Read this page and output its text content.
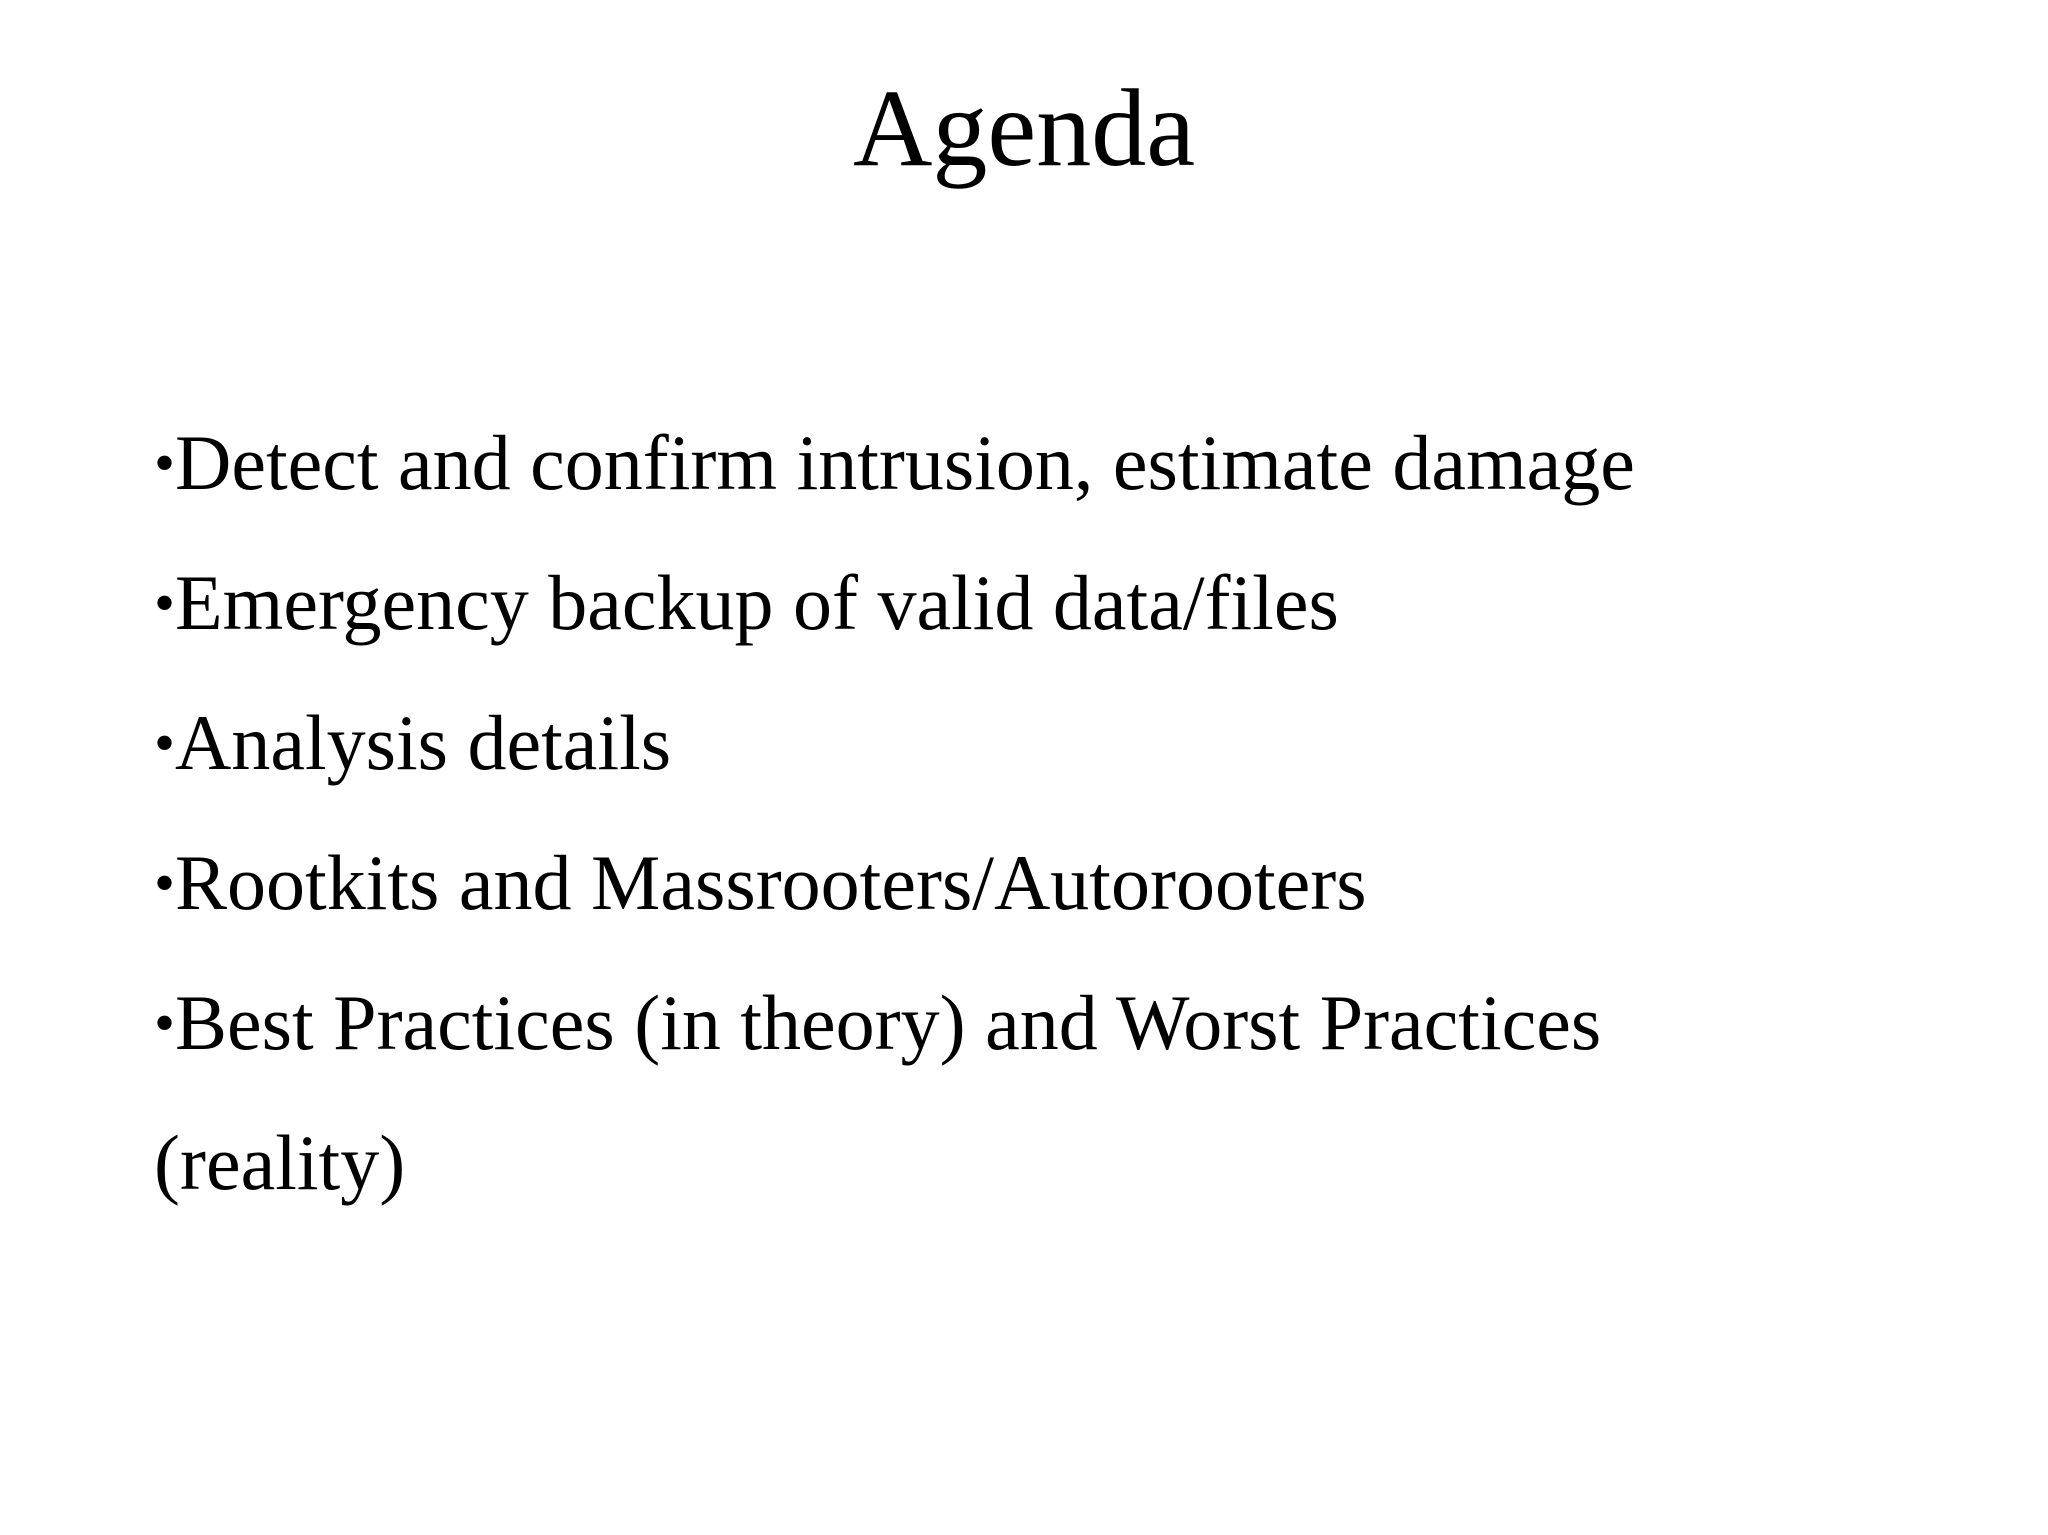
Agenda
•Detect and confirm intrusion, estimate damage
•Emergency backup of valid data/files
•Analysis details
•Rootkits and Massrooters/Autorooters
•Best Practices (in theory) and Worst Practices (reality)
